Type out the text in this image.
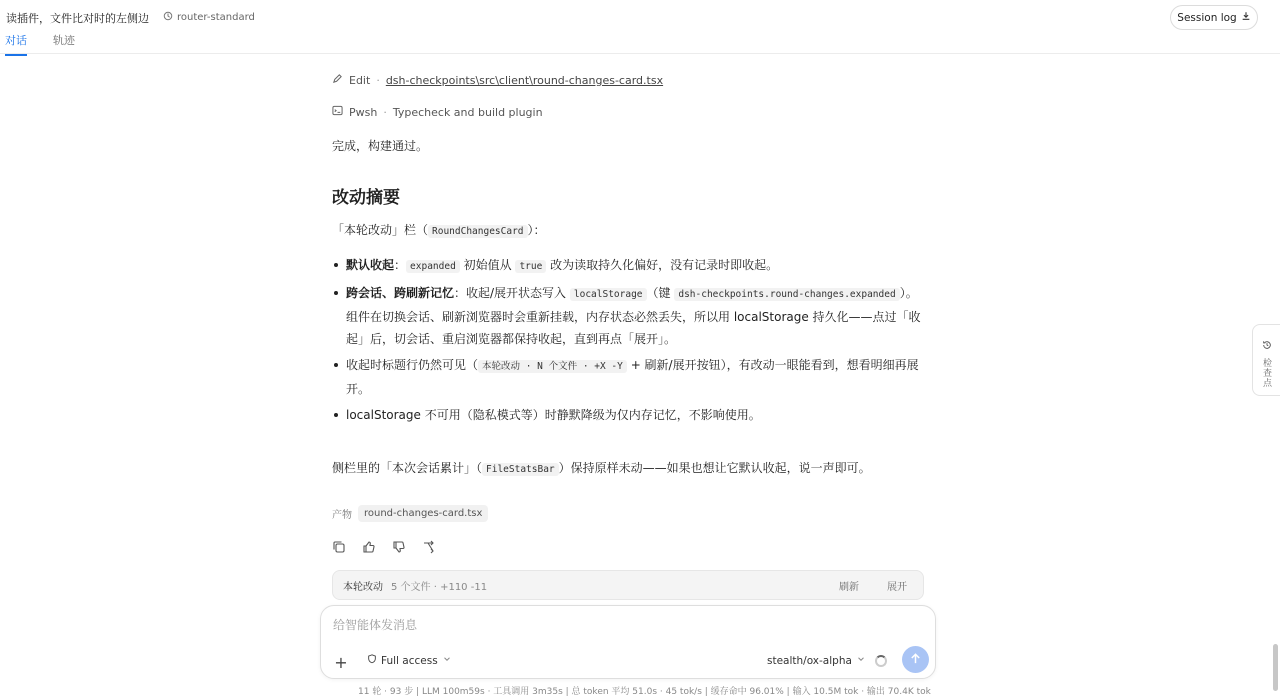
读插件，文件比对时的左侧边	router-standard
对话 轨迹
Session log
Edit · dsh-checkpoints\src\client\round-changes-card.tsx
Pwsh · Typecheck and build plugin
完成，构建通过。
改动摘要
「本轮改动」栏（ RoundChangesCard ）：
默认收起： expanded 初始值从 true 改为读取持久化偏好，没有记录时即收起。
跨会话、跨刷新记忆：收起/展开状态写入 localStorage （键 dsh-checkpoints.round-changes.expanded ）。组件在切换会话、刷新浏览器时会重新挂载，内存状态必然丢失，所以用 localStorage 持久化——点过「收起」后，切会话、重启浏览器都保持收起，直到再点「展开」。
收起时标题行仍然可见（ 本轮改动 · N 个文件 · +X -Y + 刷新/展开按钮），有改动一眼能看到，想看明细再展开。
localStorage 不可用（隐私模式等）时静默降级为仅内存记忆，不影响使用。
侧栏里的「本次会话累计」（ FileStatsBar ）保持原样未动——如果也想让它默认收起，说一声即可。
产物	round-changes-card.tsx
本轮改动 5 个文件 · +110 -11	刷新	展开
给智能体发消息
+	Full access	stealth/ox-alpha
11 轮 · 93 步 | LLM 100m59s · 工具调用 3m35s | 总 token 平均 51.0s · 45 tok/s | 缓存命中 96.01% | 输入 10.5M tok · 输出 70.4K tok
检查点
